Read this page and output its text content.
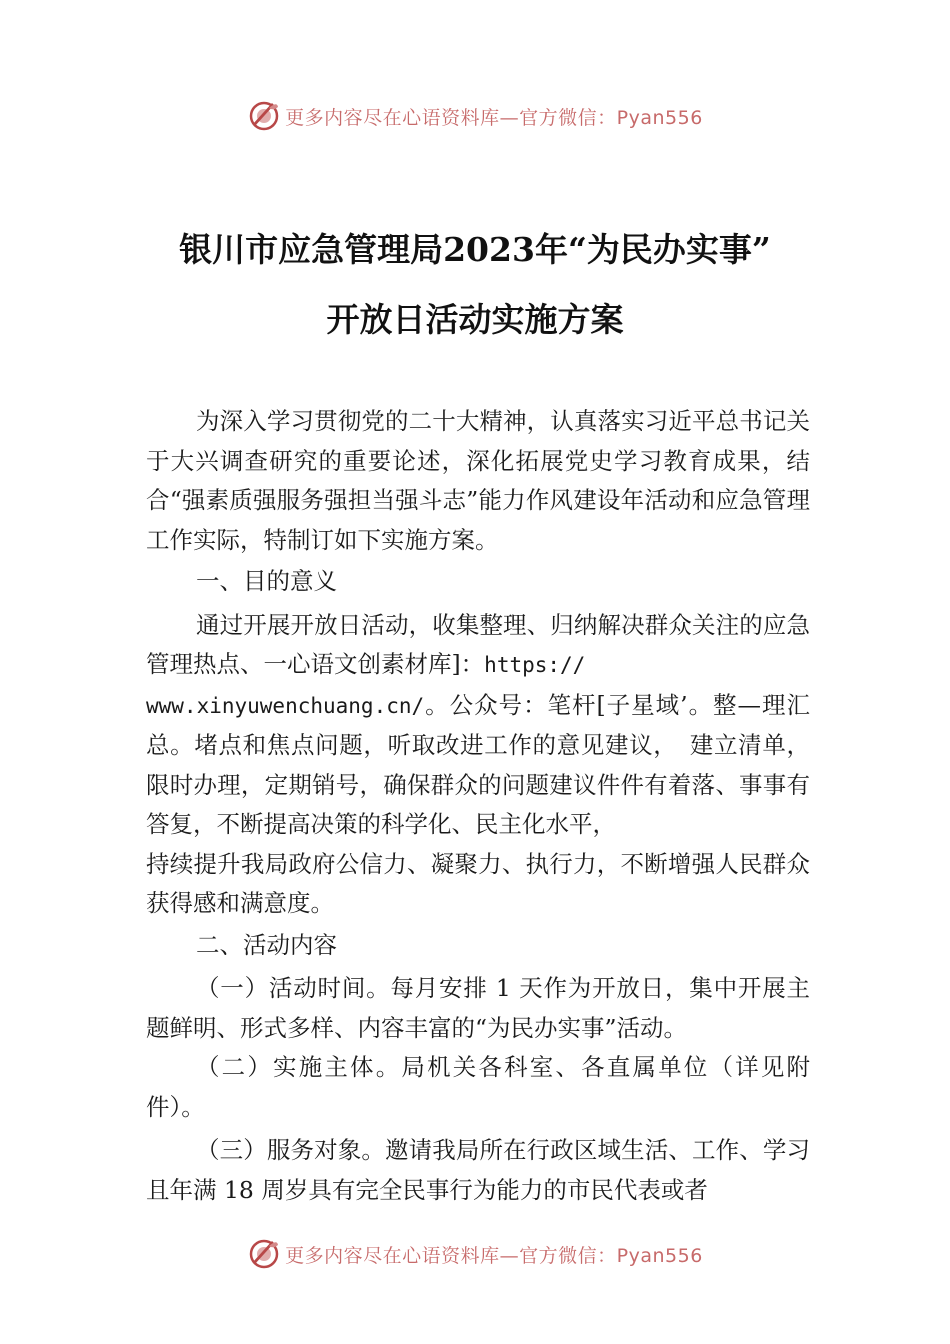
更多内容尽在心语资料库—官方微信：Pyan556
银川市应急管理局2023年“为民办实事”
开放日活动实施方案

为深入学习贯彻党的二十大精神，认真落实习近平总书记关于大兴调查研究的重要论述，深化拓展党史学习教育成果，结合“强素质强服务强担当强斗志”能力作风建设年活动和应急管理工作实际，特制订如下实施方案。

一、目的意义

通过开展开放日活动，收集整理、归纳解决群众关注的应急管理热点、一心语文创素材库]：https://
www.xinyuwenchuang.cn/。公众号：笔杆[子星域’。整—理汇总。堵点和焦点问题，听取改进工作的意见建议，　建立清单，限时办理，定期销号，确保群众的问题建议件件有着落、事事有答复，不断提高决策的科学化、民主化水平，
持续提升我局政府公信力、凝聚力、执行力，不断增强人民群众获得感和满意度。

二、活动内容

（一）活动时间。每月安排 1 天作为开放日，集中开展主题鲜明、形式多样、内容丰富的“为民办实事”活动。

（二）实施主体。局机关各科室、各直属单位（详见附件）。

（三）服务对象。邀请我局所在行政区域生活、工作、学习且年满 18 周岁具有完全民事行为能力的市民代表或者

更多内容尽在心语资料库—官方微信：Pyan556
